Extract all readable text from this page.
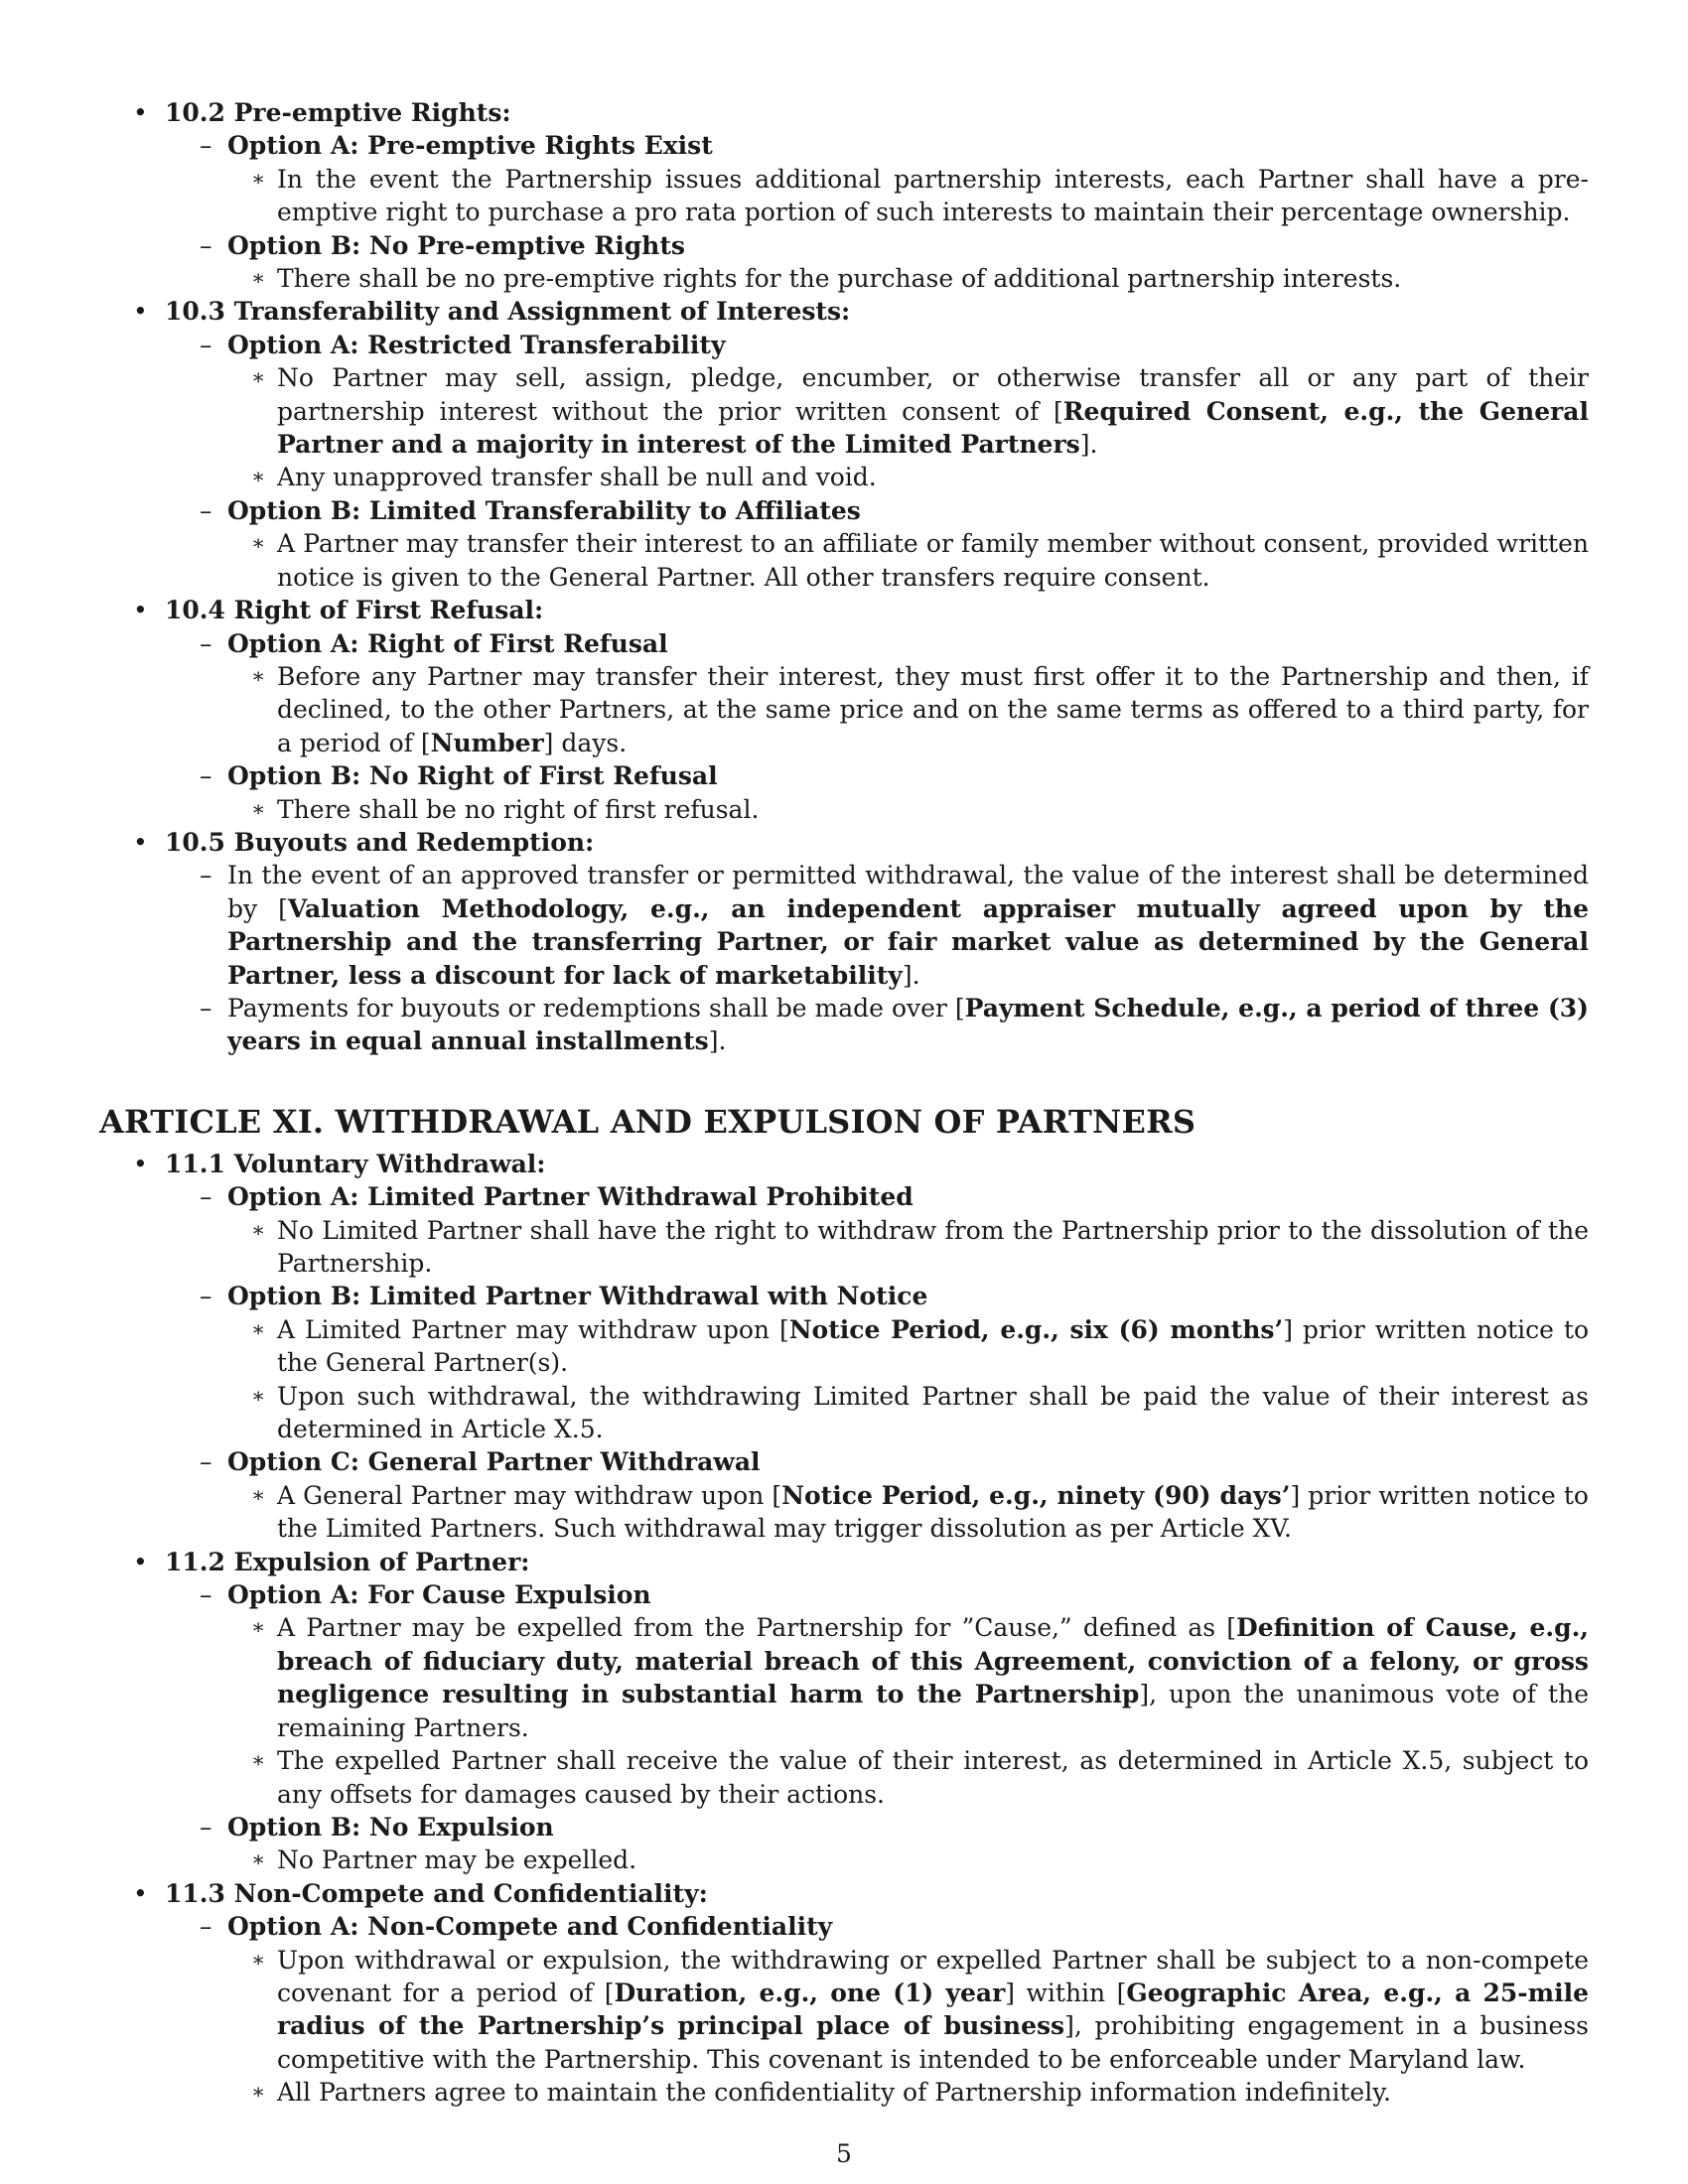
• 10.2 Pre-emptive Rights:
– Option A: Pre-emptive Rights Exist
∗ In the event the Partnership issues additional partnership interests, each Partner shall have a pre-emptive right to purchase a pro rata portion of such interests to maintain their percentage ownership.
– Option B: No Pre-emptive Rights
∗ There shall be no pre-emptive rights for the purchase of additional partnership interests.
• 10.3 Transferability and Assignment of Interests:
– Option A: Restricted Transferability
∗ No Partner may sell, assign, pledge, encumber, or otherwise transfer all or any part of their partnership interest without the prior written consent of [Required Consent, e.g., the General Partner and a majority in interest of the Limited Partners].
∗ Any unapproved transfer shall be null and void.
– Option B: Limited Transferability to Affiliates
∗ A Partner may transfer their interest to an affiliate or family member without consent, provided written notice is given to the General Partner. All other transfers require consent.
• 10.4 Right of First Refusal:
– Option A: Right of First Refusal
∗ Before any Partner may transfer their interest, they must first offer it to the Partnership and then, if declined, to the other Partners, at the same price and on the same terms as offered to a third party, for a period of [Number] days.
– Option B: No Right of First Refusal
∗ There shall be no right of first refusal.
• 10.5 Buyouts and Redemption:
– In the event of an approved transfer or permitted withdrawal, the value of the interest shall be determined by [Valuation Methodology, e.g., an independent appraiser mutually agreed upon by the Partnership and the transferring Partner, or fair market value as determined by the General Partner, less a discount for lack of marketability].
– Payments for buyouts or redemptions shall be made over [Payment Schedule, e.g., a period of three (3) years in equal annual installments].
ARTICLE XI. WITHDRAWAL AND EXPULSION OF PARTNERS
• 11.1 Voluntary Withdrawal:
– Option A: Limited Partner Withdrawal Prohibited
∗ No Limited Partner shall have the right to withdraw from the Partnership prior to the dissolution of the Partnership.
– Option B: Limited Partner Withdrawal with Notice
∗ A Limited Partner may withdraw upon [Notice Period, e.g., six (6) months’] prior written notice to the General Partner(s).
∗ Upon such withdrawal, the withdrawing Limited Partner shall be paid the value of their interest as determined in Article X.5.
– Option C: General Partner Withdrawal
∗ A General Partner may withdraw upon [Notice Period, e.g., ninety (90) days’] prior written notice to the Limited Partners. Such withdrawal may trigger dissolution as per Article XV.
• 11.2 Expulsion of Partner:
– Option A: For Cause Expulsion
∗ A Partner may be expelled from the Partnership for ”Cause,” defined as [Definition of Cause, e.g., breach of fiduciary duty, material breach of this Agreement, conviction of a felony, or gross negligence resulting in substantial harm to the Partnership], upon the unanimous vote of the remaining Partners.
∗ The expelled Partner shall receive the value of their interest, as determined in Article X.5, subject to any offsets for damages caused by their actions.
– Option B: No Expulsion
∗ No Partner may be expelled.
• 11.3 Non-Compete and Confidentiality:
– Option A: Non-Compete and Confidentiality
∗ Upon withdrawal or expulsion, the withdrawing or expelled Partner shall be subject to a non-compete covenant for a period of [Duration, e.g., one (1) year] within [Geographic Area, e.g., a 25-mile radius of the Partnership’s principal place of business], prohibiting engagement in a business competitive with the Partnership. This covenant is intended to be enforceable under Maryland law.
∗ All Partners agree to maintain the confidentiality of Partnership information indefinitely.
5
